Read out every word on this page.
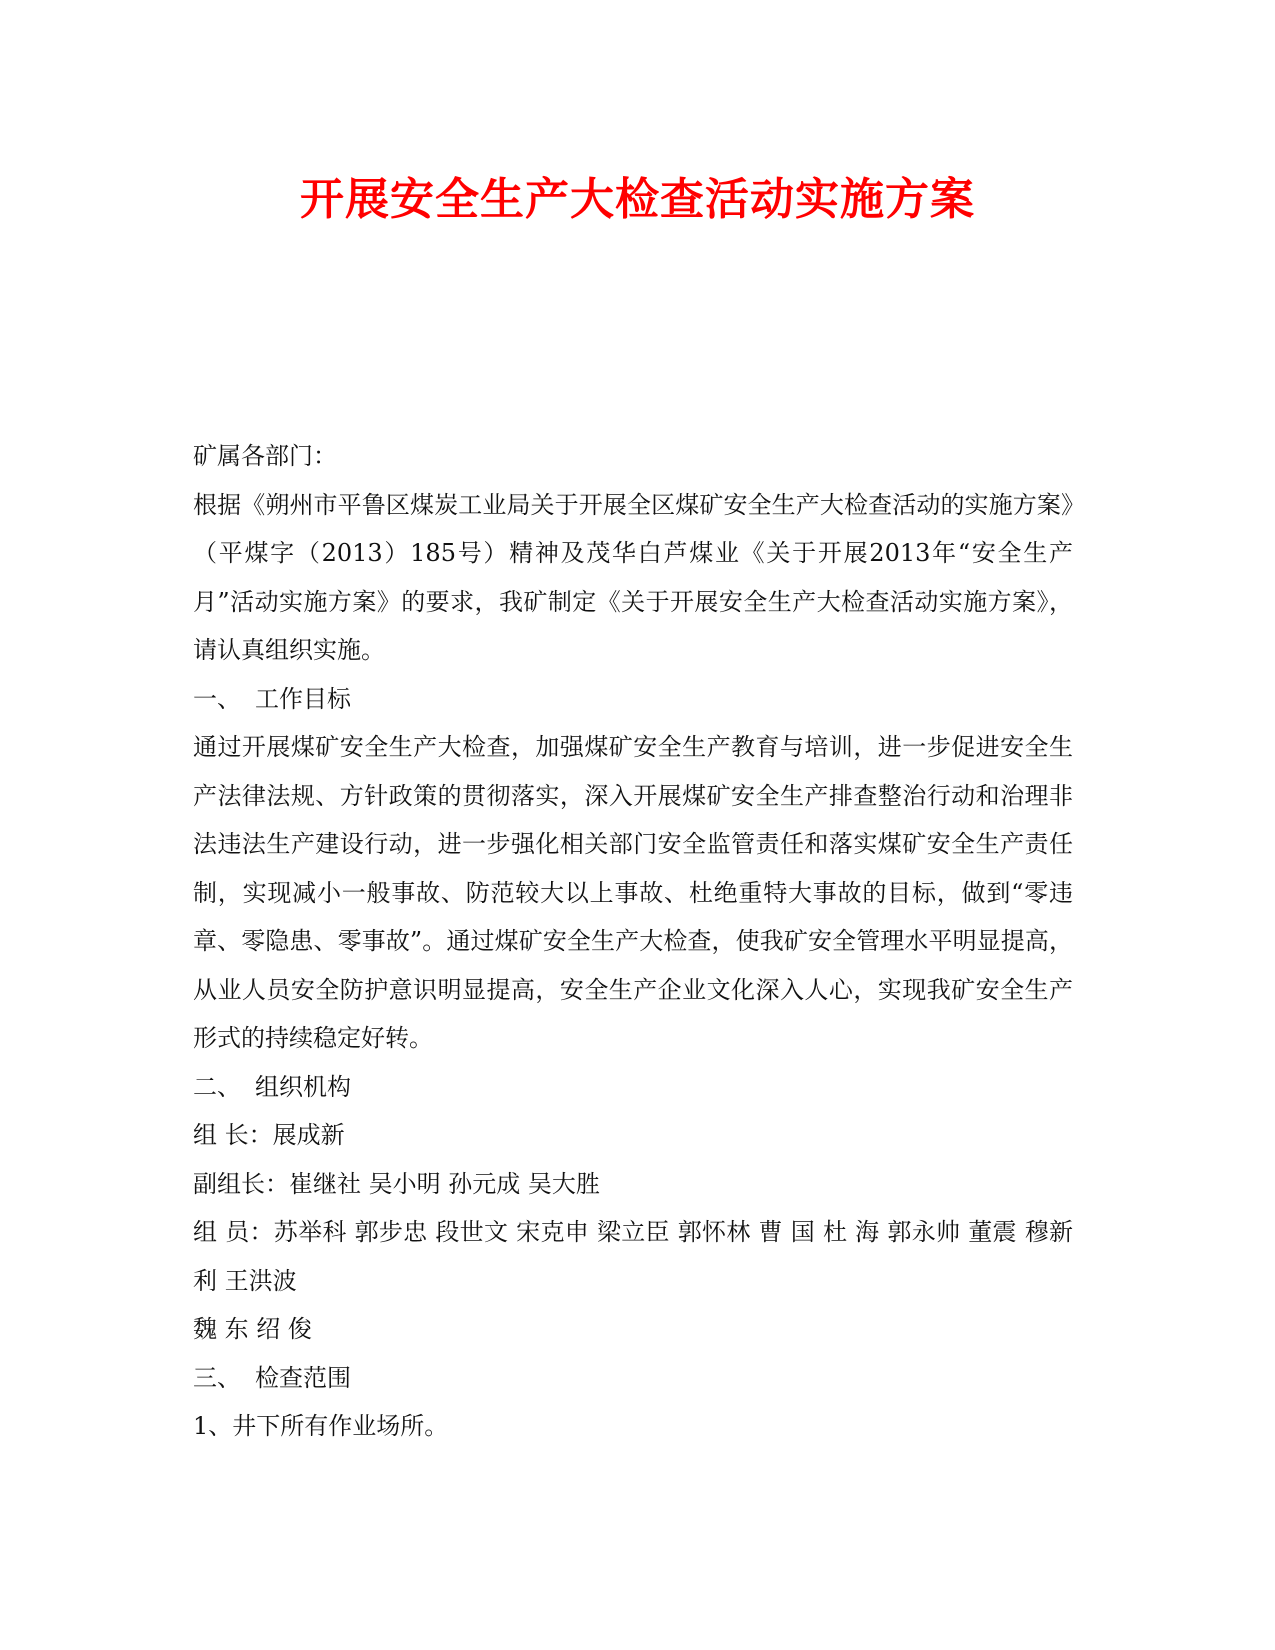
开展安全生产大检查活动实施方案
矿属各部门：
根据《朔州市平鲁区煤炭工业局关于开展全区煤矿安全生产大检查活动的实施方案》（平煤字（2013）185号）精神及茂华白芦煤业《关于开展2013年“安全生产月”活动实施方案》的要求，我矿制定《关于开展安全生产大检查活动实施方案》，请认真组织实施。
一、 工作目标
通过开展煤矿安全生产大检查，加强煤矿安全生产教育与培训，进一步促进安全生产法律法规、方针政策的贯彻落实，深入开展煤矿安全生产排查整治行动和治理非法违法生产建设行动，进一步强化相关部门安全监管责任和落实煤矿安全生产责任制，实现减小一般事故、防范较大以上事故、杜绝重特大事故的目标，做到“零违章、零隐患、零事故”。通过煤矿安全生产大检查，使我矿安全管理水平明显提高，从业人员安全防护意识明显提高，安全生产企业文化深入人心，实现我矿安全生产形式的持续稳定好转。
二、 组织机构
组 长：展成新
副组长：崔继社 吴小明 孙元成 吴大胜
组 员：苏举科 郭步忠 段世文 宋克申 梁立臣 郭怀林 曹 国 杜 海 郭永帅 董震 穆新利 王洪波
魏 东 绍 俊
三、 检查范围
1、井下所有作业场所。
